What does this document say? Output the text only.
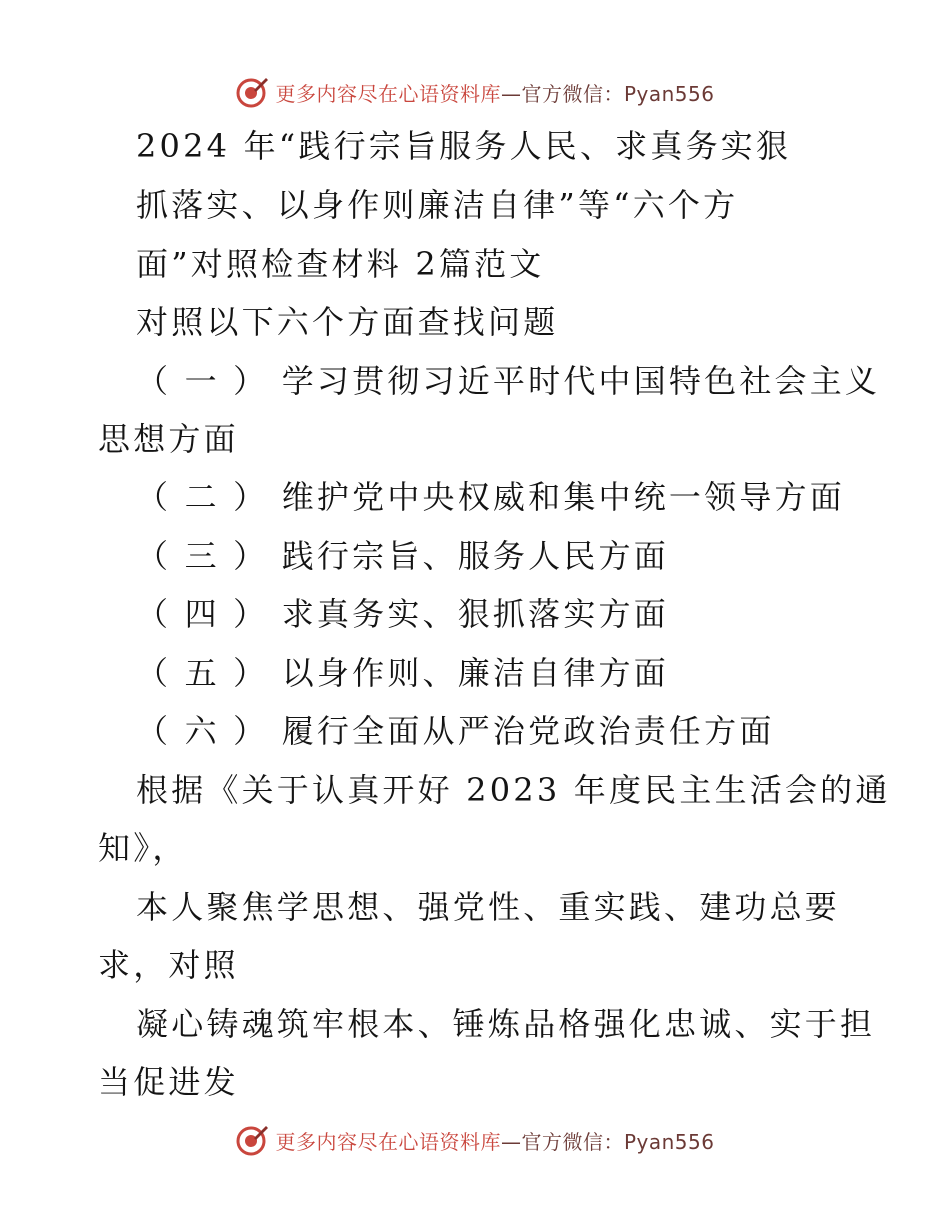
更多内容尽在心语资料库—官方微信：Pyan556
2024 年“践行宗旨服务人民、求真务实狠
抓落实、以身作则廉洁自律”等“六个方
面”对照检查材料 2篇范文
对照以下六个方面查找问题
（ 一 ） 学习贯彻习近平时代中国特色社会主义
思想方面
（ 二 ） 维护党中央权威和集中统一领导方面
（ 三 ） 践行宗旨、服务人民方面
（ 四 ） 求真务实、狠抓落实方面
（ 五 ） 以身作则、廉洁自律方面
（ 六 ） 履行全面从严治党政治责任方面
根据《关于认真开好 2023 年度民主生活会的通
知》，
本人聚焦学思想、强党性、重实践、建功总要
求，对照
凝心铸魂筑牢根本、锤炼品格强化忠诚、实于担
当促进发
更多内容尽在心语资料库—官方微信：Pyan556
